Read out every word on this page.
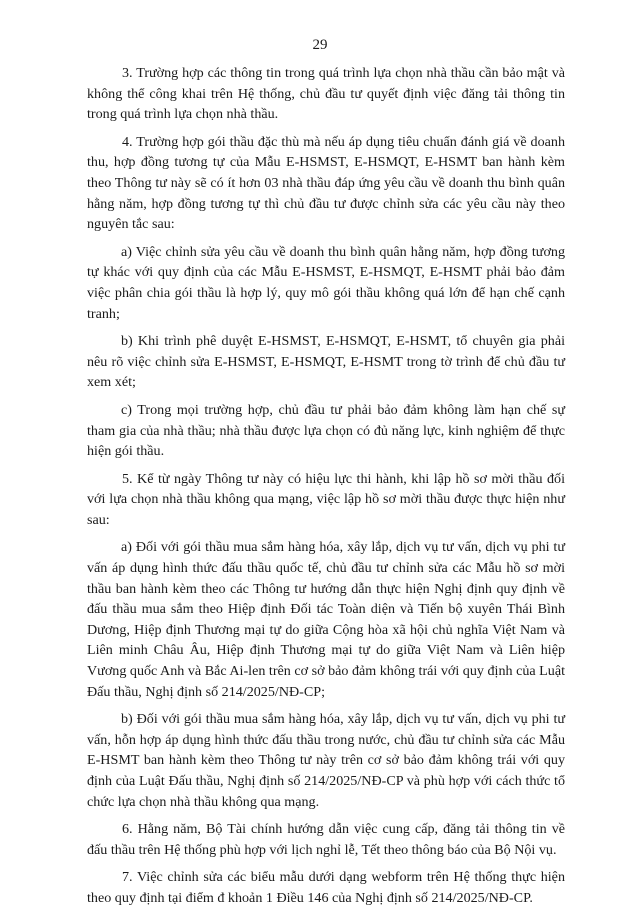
29

3. Trường hợp các thông tin trong quá trình lựa chọn nhà thầu cần bảo mật và không thể công khai trên Hệ thống, chủ đầu tư quyết định việc đăng tải thông tin trong quá trình lựa chọn nhà thầu.

4. Trường hợp gói thầu đặc thù mà nếu áp dụng tiêu chuẩn đánh giá về doanh thu, hợp đồng tương tự của Mẫu E-HSMST, E-HSMQT, E-HSMT ban hành kèm theo Thông tư này sẽ có ít hơn 03 nhà thầu đáp ứng yêu cầu về doanh thu bình quân hằng năm, hợp đồng tương tự thì chủ đầu tư được chỉnh sửa các yêu cầu này theo nguyên tắc sau:

a) Việc chỉnh sửa yêu cầu về doanh thu bình quân hằng năm, hợp đồng tương tự khác với quy định của các Mẫu E-HSMST, E-HSMQT, E-HSMT phải bảo đảm việc phân chia gói thầu là hợp lý, quy mô gói thầu không quá lớn để hạn chế cạnh tranh;

b) Khi trình phê duyệt E-HSMST, E-HSMQT, E-HSMT, tổ chuyên gia phải nêu rõ việc chỉnh sửa E-HSMST, E-HSMQT, E-HSMT trong tờ trình để chủ đầu tư xem xét;

c) Trong mọi trường hợp, chủ đầu tư phải bảo đảm không làm hạn chế sự tham gia của nhà thầu; nhà thầu được lựa chọn có đủ năng lực, kinh nghiệm để thực hiện gói thầu.

5. Kể từ ngày Thông tư này có hiệu lực thi hành, khi lập hồ sơ mời thầu đối với lựa chọn nhà thầu không qua mạng, việc lập hồ sơ mời thầu được thực hiện như sau:

a) Đối với gói thầu mua sắm hàng hóa, xây lắp, dịch vụ tư vấn, dịch vụ phi tư vấn áp dụng hình thức đấu thầu quốc tế, chủ đầu tư chỉnh sửa các Mẫu hồ sơ mời thầu ban hành kèm theo các Thông tư hướng dẫn thực hiện Nghị định quy định về đấu thầu mua sắm theo Hiệp định Đối tác Toàn diện và Tiến bộ xuyên Thái Bình Dương, Hiệp định Thương mại tự do giữa Cộng hòa xã hội chủ nghĩa Việt Nam và Liên minh Châu Âu, Hiệp định Thương mại tự do giữa Việt Nam và Liên hiệp Vương quốc Anh và Bắc Ai-len trên cơ sở bảo đảm không trái với quy định của Luật Đấu thầu, Nghị định số 214/2025/NĐ-CP;

b) Đối với gói thầu mua sắm hàng hóa, xây lắp, dịch vụ tư vấn, dịch vụ phi tư vấn, hỗn hợp áp dụng hình thức đấu thầu trong nước, chủ đầu tư chỉnh sửa các Mẫu E-HSMT ban hành kèm theo Thông tư này trên cơ sở bảo đảm không trái với quy định của Luật Đấu thầu, Nghị định số 214/2025/NĐ-CP và phù hợp với cách thức tổ chức lựa chọn nhà thầu không qua mạng.

6. Hằng năm, Bộ Tài chính hướng dẫn việc cung cấp, đăng tải thông tin về đấu thầu trên Hệ thống phù hợp với lịch nghỉ lễ, Tết theo thông báo của Bộ Nội vụ.

7. Việc chỉnh sửa các biểu mẫu dưới dạng webform trên Hệ thống thực hiện theo quy định tại điểm đ khoản 1 Điều 146 của Nghị định số 214/2025/NĐ-CP.
